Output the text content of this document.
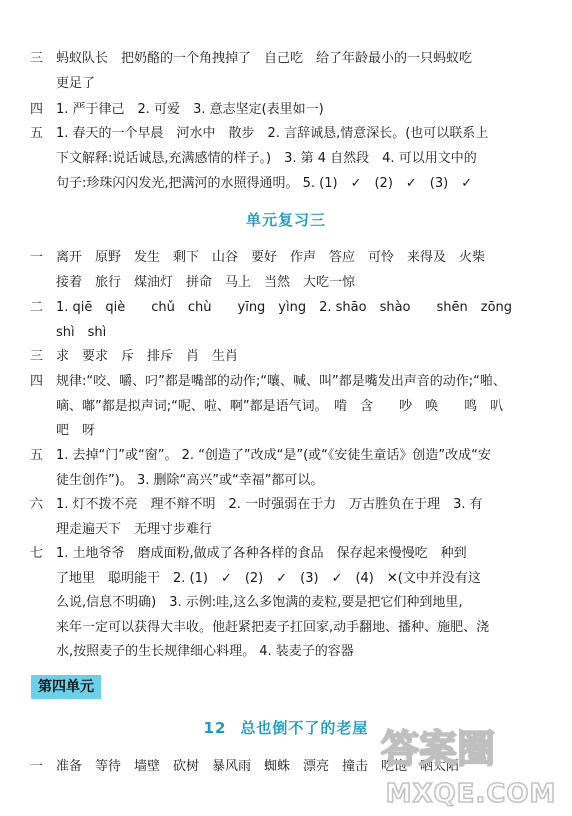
三 蚂蚁队长　把奶酪的一个角拽掉了　自己吃　给了年龄最小的一只蚂蚁吃
更足了
四 1. 严于律己　2. 可爱　3. 意志坚定(表里如一)
五 1. 春天的一个早晨　河水中　散步　2. 言辞诚恳,情意深长。(也可以联系上
下文解释:说话诚恳,充满感情的样子。)　3. 第 4 自然段　4. 可以用文中的
句子:珍珠闪闪发光,把满河的水照得通明。 5. (1)　✓　(2)　✓　(3)　✓
单元复习三
一 离开　原野　发生　剩下　山谷　要好　作声　答应　可怜　来得及　火柴
接着　旅行　煤油灯　拼命　马上　当然　大吃一惊
二 1. qiē　qiè　　chǔ　chù　　yīng　yìng　2. shāo　shào　　shēn　zōng
shì　shì
三 求　要求　斥　排斥　肖　生肖
四 规律:“咬、嚼、叼”都是嘴部的动作;“嚷、喊、叫”都是嘴发出声音的动作;“啪、
嘀、嘟”都是拟声词;“呢、啦、啊”都是语气词。　啃　含　　吵　唤　　鸣　叭
吧　呀
五 1. 去掉“门”或“窗”。 2. “创造了”改成“是”(或“《安徒生童话》创造”改成“安
徒生创作”)。 3. 删除“高兴”或“幸福”都可以。
六 1. 灯不拨不亮　理不辩不明　2. 一时强弱在于力　万古胜负在于理　3. 有
理走遍天下　无理寸步难行
七 1. 土地爷爷　磨成面粉,做成了各种各样的食品　保存起来慢慢吃　种到
了地里　聪明能干　2. (1)　✓　(2)　✓　(3)　✓　(4)　✕(文中并没有这
么说,信息不明确)　3. 示例:哇,这么多饱满的麦粒,要是把它们种到地里,
来年一定可以获得大丰收。他赶紧把麦子扛回家,动手翻地、播种、施肥、浇
水,按照麦子的生长规律细心料理。 4. 装麦子的容器
第四单元
12 总也倒不了的老屋
一 准备　等待　墙壁　砍树　暴风雨　蜘蛛　漂亮　撞击　吃饱　晒太阳
答案圈
MXQE.COM
